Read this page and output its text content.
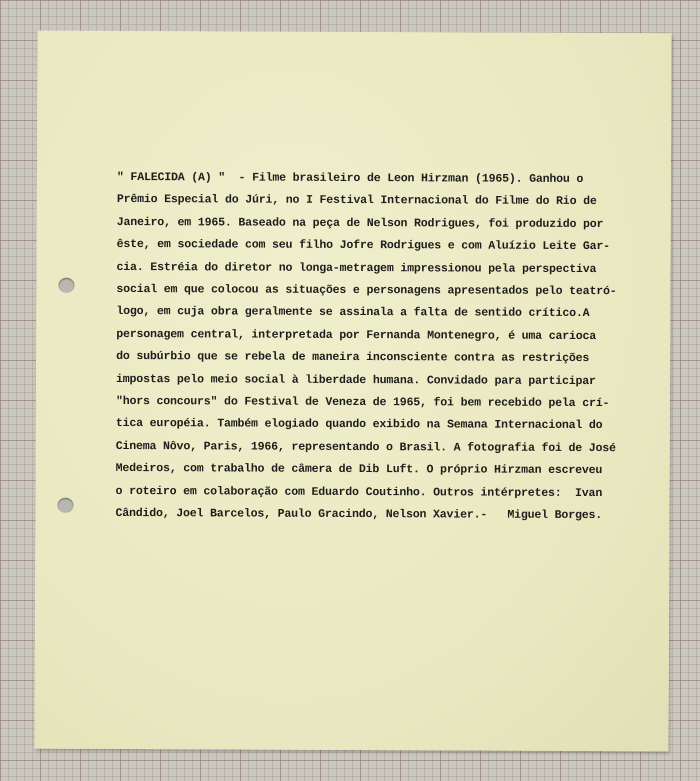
" FALECIDA (A) "  - Filme brasileiro de Leon Hirzman (1965). Ganhou o
Prêmio Especial do Júri, no I Festival Internacional do Filme do Rio de
Janeiro, em 1965. Baseado na peça de Nelson Rodrigues, foi produzido por
êste, em sociedade com seu filho Jofre Rodrigues e com Aluízio Leite Gar-
cia. Estréia do diretor no longa-metragem impressionou pela perspectiva
social em que colocou as situações e personagens apresentados pelo teatró-
logo, em cuja obra geralmente se assinala a falta de sentido crítico.A
personagem central, interpretada por Fernanda Montenegro, é uma carioca
do subúrbio que se rebela de maneira inconsciente contra as restrições
impostas pelo meio social à liberdade humana. Convidado para participar
"hors concours" do Festival de Veneza de 1965, foi bem recebido pela crí-
tica européia. Também elogiado quando exibido na Semana Internacional do
Cinema Nôvo, Paris, 1966, representando o Brasil. A fotografia foi de José
Medeiros, com trabalho de câmera de Dib Luft. O próprio Hirzman escreveu
o roteiro em colaboração com Eduardo Coutinho. Outros intérpretes:  Ivan
Cândido, Joel Barcelos, Paulo Gracindo, Nelson Xavier.-   Miguel Borges.
